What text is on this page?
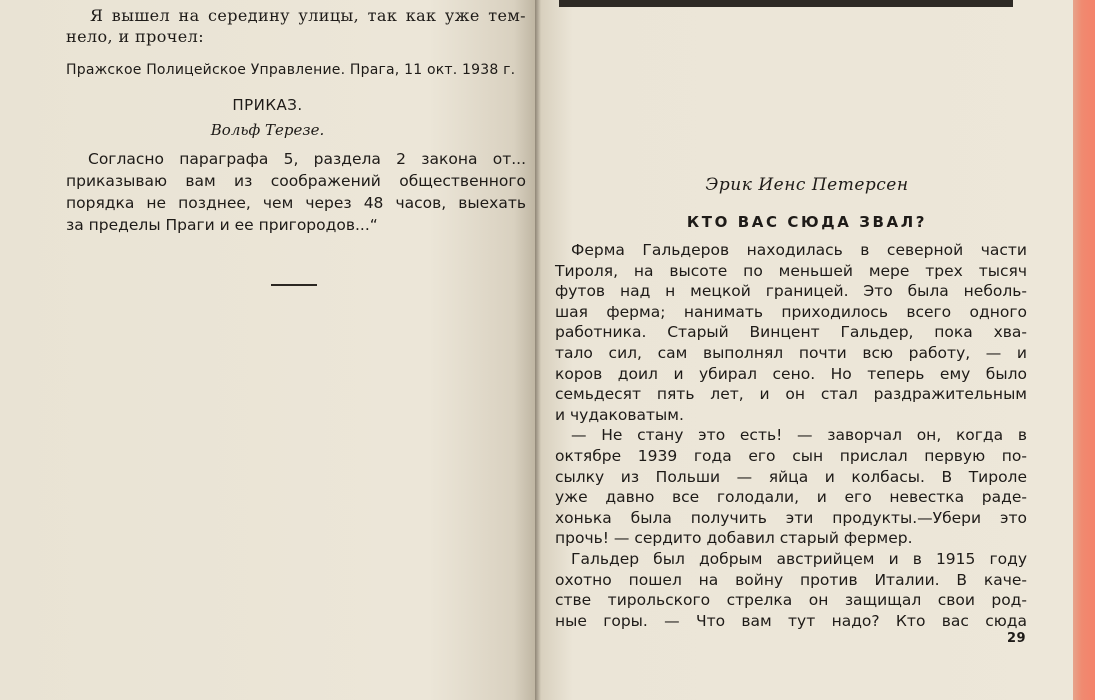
Я вышел на середину улицы, так как уже тем-
нело, и прочел:
Пражское Полицейское Управление. Прага, 11 окт. 1938 г.
ПРИКАЗ.
Вольф Терезе.
Согласно параграфа 5, раздела 2 закона от...
приказываю вам из соображений общественного
порядка не позднее, чем через 48 часов, выехать
за пределы Праги и ее пригородов...“
Эрик Иенс Петерсен
КТО ВАС СЮДА ЗВАЛ?
Ферма Гальдеров находилась в северной части
Тироля, на высоте по меньшей мере трех тысяч
футов над н мецкой границей. Это была неболь-
шая ферма; нанимать приходилось всего одного
работника. Старый Винцент Гальдер, пока хва-
тало сил, сам выполнял почти всю работу, — и
коров доил и убирал сено. Но теперь ему было
семьдесят пять лет, и он стал раздражительным
и чудаковатым.
— Не стану это есть! — заворчал он, когда в
октябре 1939 года его сын прислал первую по-
сылку из Польши — яйца и колбасы. В Тироле
уже давно все голодали, и его невестка раде-
хонька была получить эти продукты.—Убери это
прочь! — сердито добавил старый фермер.
Гальдер был добрым австрийцем и в 1915 году
охотно пошел на войну против Италии. В каче-
стве тирольского стрелка он защищал свои род-
ные горы. — Что вам тут надо? Кто вас сюда
29
